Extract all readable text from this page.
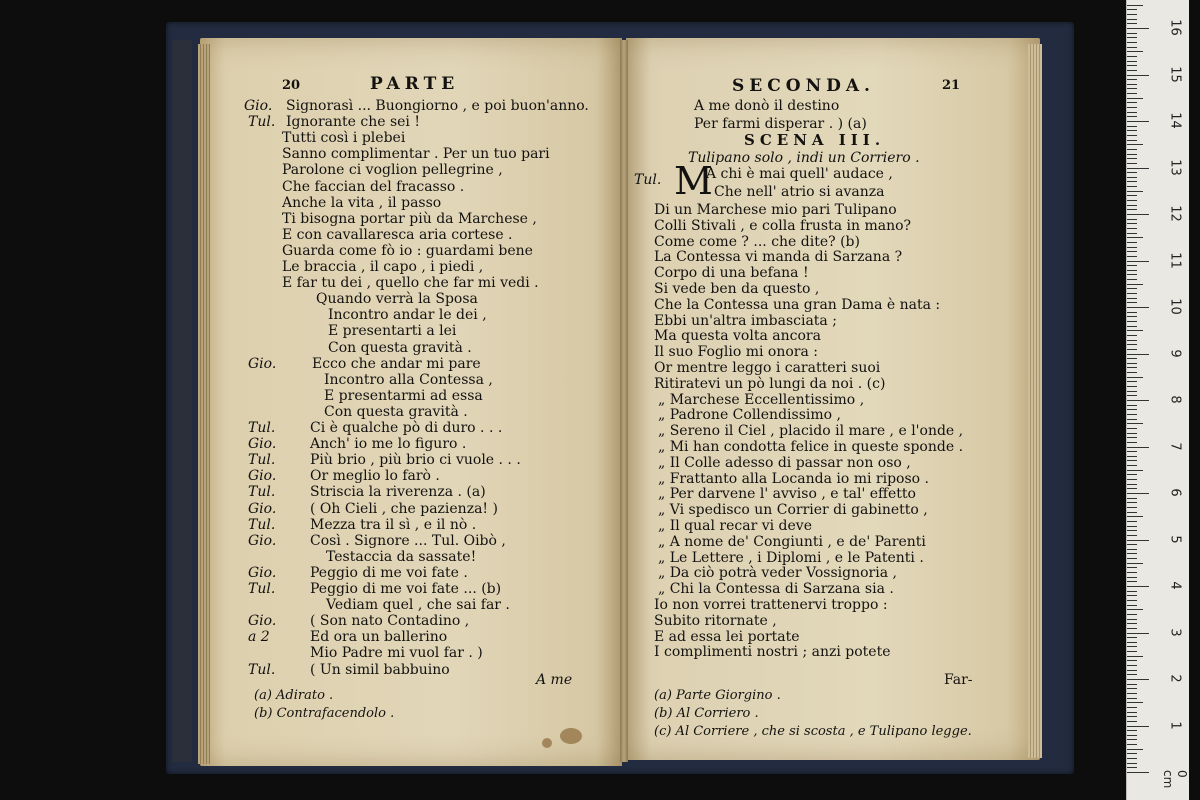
20	PARTE
Gio. Signorasì ... Buongiorno , e poi buon'anno.
Tul. Ignorante che sei !
Tutti così i plebei
Sanno complimentar . Per un tuo pari
Parolone ci voglion pellegrine ,
Che faccian del fracasso .
Anche la vita , il passo
Ti bisogna portar più da Marchese ,
E con cavallaresca aria cortese .
Guarda come fò io : guardami bene
Le braccia , il capo , i piedi ,
E far tu dei , quello che far mi vedi .
Quando verrà la Sposa
Incontro andar le dei ,
E presentarti a lei
Con questa gravità .
Gio.	Ecco che andar mi pare
Incontro alla Contessa ,
E presentarmi ad essa
Con questa gravità .
Tul. Ci è qualche pò di duro . . .
Gio. Anch' io me lo figuro .
Tul. Più brio , più brio ci vuole . . .
Gio. Or meglio lo farò .
Tul. Striscia la riverenza . (a)
Gio. ( Oh Cieli , che pazienza! )
Tul. Mezza tra il sì , e il nò .
Gio. Così . Signore ... Tul. Oibò ,
Testaccia da sassate!
Gio. Peggio di me voi fate .
Tul. Peggio di me voi fate ... (b)
Vediam quel , che sai far .
Gio. ( Son nato Contadino ,
a 2	Ed ora un ballerino
Mio Padre mi vuol far . )
Tul. ( Un simil babbuino
A me
(a) Adirato .
(b) Contrafacendolo .
SECONDA.	21
A me donò il destino
Per farmi disperar . ) (a)
SCENA III.
Tulipano solo , indi un Corriero .
Tul. M
A chi è mai quell' audace ,
Che nell' atrio si avanza
Di un Marchese mio pari Tulipano
Colli Stivali , e colla frusta in mano?
Come come ? ... che dite? (b)
La Contessa vi manda di Sarzana ?
Corpo di una befana !
Si vede ben da questo ,
Che la Contessa una gran Dama è nata :
Ebbi un'altra imbasciata ;
Ma questa volta ancora
Il suo Foglio mi onora :
Or mentre leggo i caratteri suoi
Ritiratevi un pò lungi da noi . (c)
„ Marchese Eccellentissimo ,
„ Padrone Collendissimo ,
„ Sereno il Ciel , placido il mare , e l'onde ,
„ Mi han condotta felice in queste sponde .
„ Il Colle adesso di passar non oso ,
„ Frattanto alla Locanda io mi riposo .
„ Per darvene l' avviso , e tal' effetto
„ Vi spedisco un Corrier di gabinetto ,
„ Il qual recar vi deve
„ A nome de' Congiunti , e de' Parenti
„ Le Lettere , i Diplomi , e le Patenti .
„ Da ciò potrà veder Vossignoria ,
„ Chi la Contessa di Sarzana sia .
Io non vorrei trattenervi troppo :
Subito ritornate ,
E ad essa lei portate
I complimenti nostri ; anzi potete
Far-
(a) Parte Giorgino .
(b) Al Corriero .
(c) Al Corriere , che si scosta , e Tulipano legge.
16
15
14
13
12
11
10
9
8
7
6
5
4
3
2
1
0 cm
